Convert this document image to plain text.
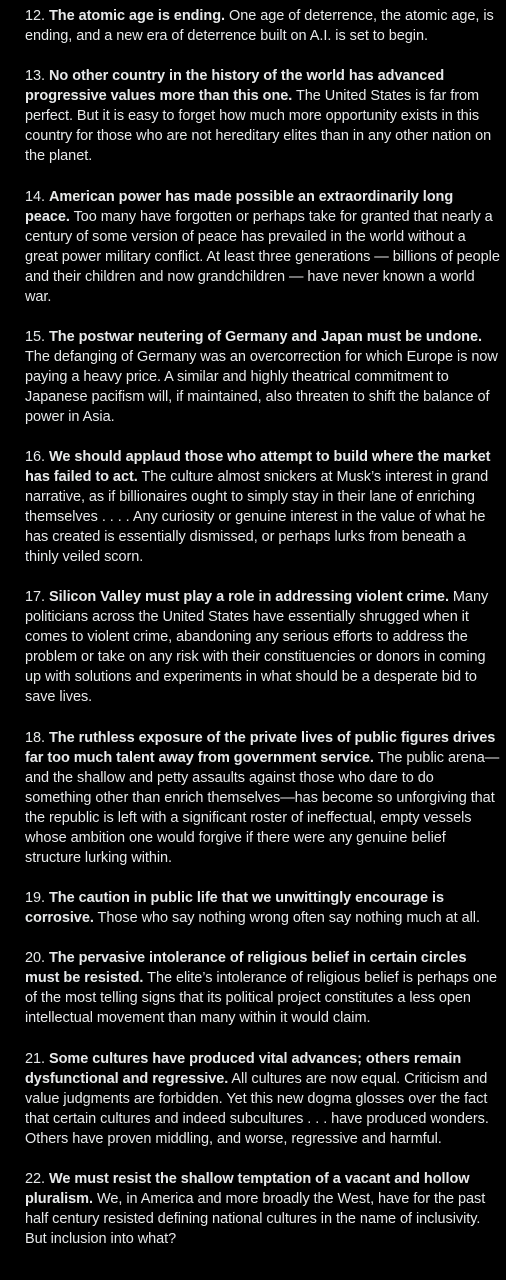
12. The atomic age is ending. One age of deterrence, the atomic age, is ending, and a new era of deterrence built on A.I. is set to begin.

13. No other country in the history of the world has advanced progressive values more than this one. The United States is far from perfect. But it is easy to forget how much more opportunity exists in this country for those who are not hereditary elites than in any other nation on the planet.

14. American power has made possible an extraordinarily long peace. Too many have forgotten or perhaps take for granted that nearly a century of some version of peace has prevailed in the world without a great power military conflict. At least three generations — billions of people and their children and now grandchildren — have never known a world war.

15. The postwar neutering of Germany and Japan must be undone. The defanging of Germany was an overcorrection for which Europe is now paying a heavy price. A similar and highly theatrical commitment to Japanese pacifism will, if maintained, also threaten to shift the balance of power in Asia.

16. We should applaud those who attempt to build where the market has failed to act. The culture almost snickers at Musk’s interest in grand narrative, as if billionaires ought to simply stay in their lane of enriching themselves . . . . Any curiosity or genuine interest in the value of what he has created is essentially dismissed, or perhaps lurks from beneath a thinly veiled scorn.

17. Silicon Valley must play a role in addressing violent crime. Many politicians across the United States have essentially shrugged when it comes to violent crime, abandoning any serious efforts to address the problem or take on any risk with their constituencies or donors in coming up with solutions and experiments in what should be a desperate bid to save lives.

18. The ruthless exposure of the private lives of public figures drives far too much talent away from government service. The public arena—and the shallow and petty assaults against those who dare to do something other than enrich themselves—has become so unforgiving that the republic is left with a significant roster of ineffectual, empty vessels whose ambition one would forgive if there were any genuine belief structure lurking within.

19. The caution in public life that we unwittingly encourage is corrosive. Those who say nothing wrong often say nothing much at all.

20. The pervasive intolerance of religious belief in certain circles must be resisted. The elite’s intolerance of religious belief is perhaps one of the most telling signs that its political project constitutes a less open intellectual movement than many within it would claim.

21. Some cultures have produced vital advances; others remain dysfunctional and regressive. All cultures are now equal. Criticism and value judgments are forbidden. Yet this new dogma glosses over the fact that certain cultures and indeed subcultures . . . have produced wonders. Others have proven middling, and worse, regressive and harmful.

22. We must resist the shallow temptation of a vacant and hollow pluralism. We, in America and more broadly the West, have for the past half century resisted defining national cultures in the name of inclusivity. But inclusion into what?
